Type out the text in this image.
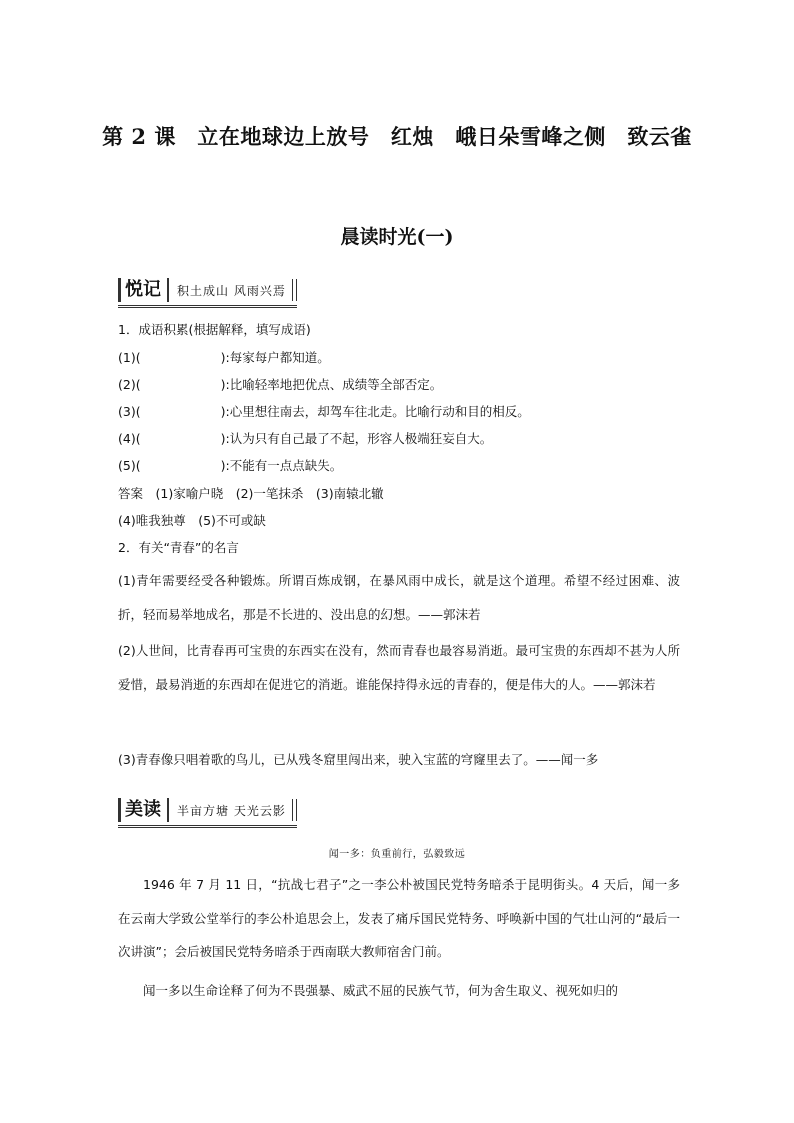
第 2 课　立在地球边上放号　红烛　峨日朵雪峰之侧　致云雀
晨读时光(一)
悦记	积土成山 风雨兴焉
1．成语积累(根据解释，填写成语)
(1)(	):每家每户都知道。
(2)(	):比喻轻率地把优点、成绩等全部否定。
(3)(	):心里想往南去，却驾车往北走。比喻行动和目的相反。
(4)(	):认为只有自己最了不起，形容人极端狂妄自大。
(5)(	):不能有一点点缺失。
答案　(1)家喻户晓　(2)一笔抹杀　(3)南辕北辙
(4)唯我独尊　(5)不可或缺
2．有关“青春”的名言
(1)青年需要经受各种锻炼。所谓百炼成钢，在暴风雨中成长，就是这个道理。希望不经过困难、波折，轻而易举地成名，那是不长进的、没出息的幻想。——郭沫若
(2)人世间，比青春再可宝贵的东西实在没有，然而青春也最容易消逝。最可宝贵的东西却不甚为人所爱惜，最易消逝的东西却在促进它的消逝。谁能保持得永远的青春的，便是伟大的人。——郭沫若
(3)青春像只唱着歌的鸟儿，已从残冬窟里闯出来，驶入宝蓝的穹窿里去了。——闻一多
美读	半亩方塘 天光云影
闻一多：负重前行，弘毅致远
1946 年 7 月 11 日，“抗战七君子”之一李公朴被国民党特务暗杀于昆明街头。4 天后，闻一多在云南大学致公堂举行的李公朴追思会上，发表了痛斥国民党特务、呼唤新中国的气壮山河的“最后一次讲演”；会后被国民党特务暗杀于西南联大教师宿舍门前。
闻一多以生命诠释了何为不畏强暴、威武不屈的民族气节，何为舍生取义、视死如归的
